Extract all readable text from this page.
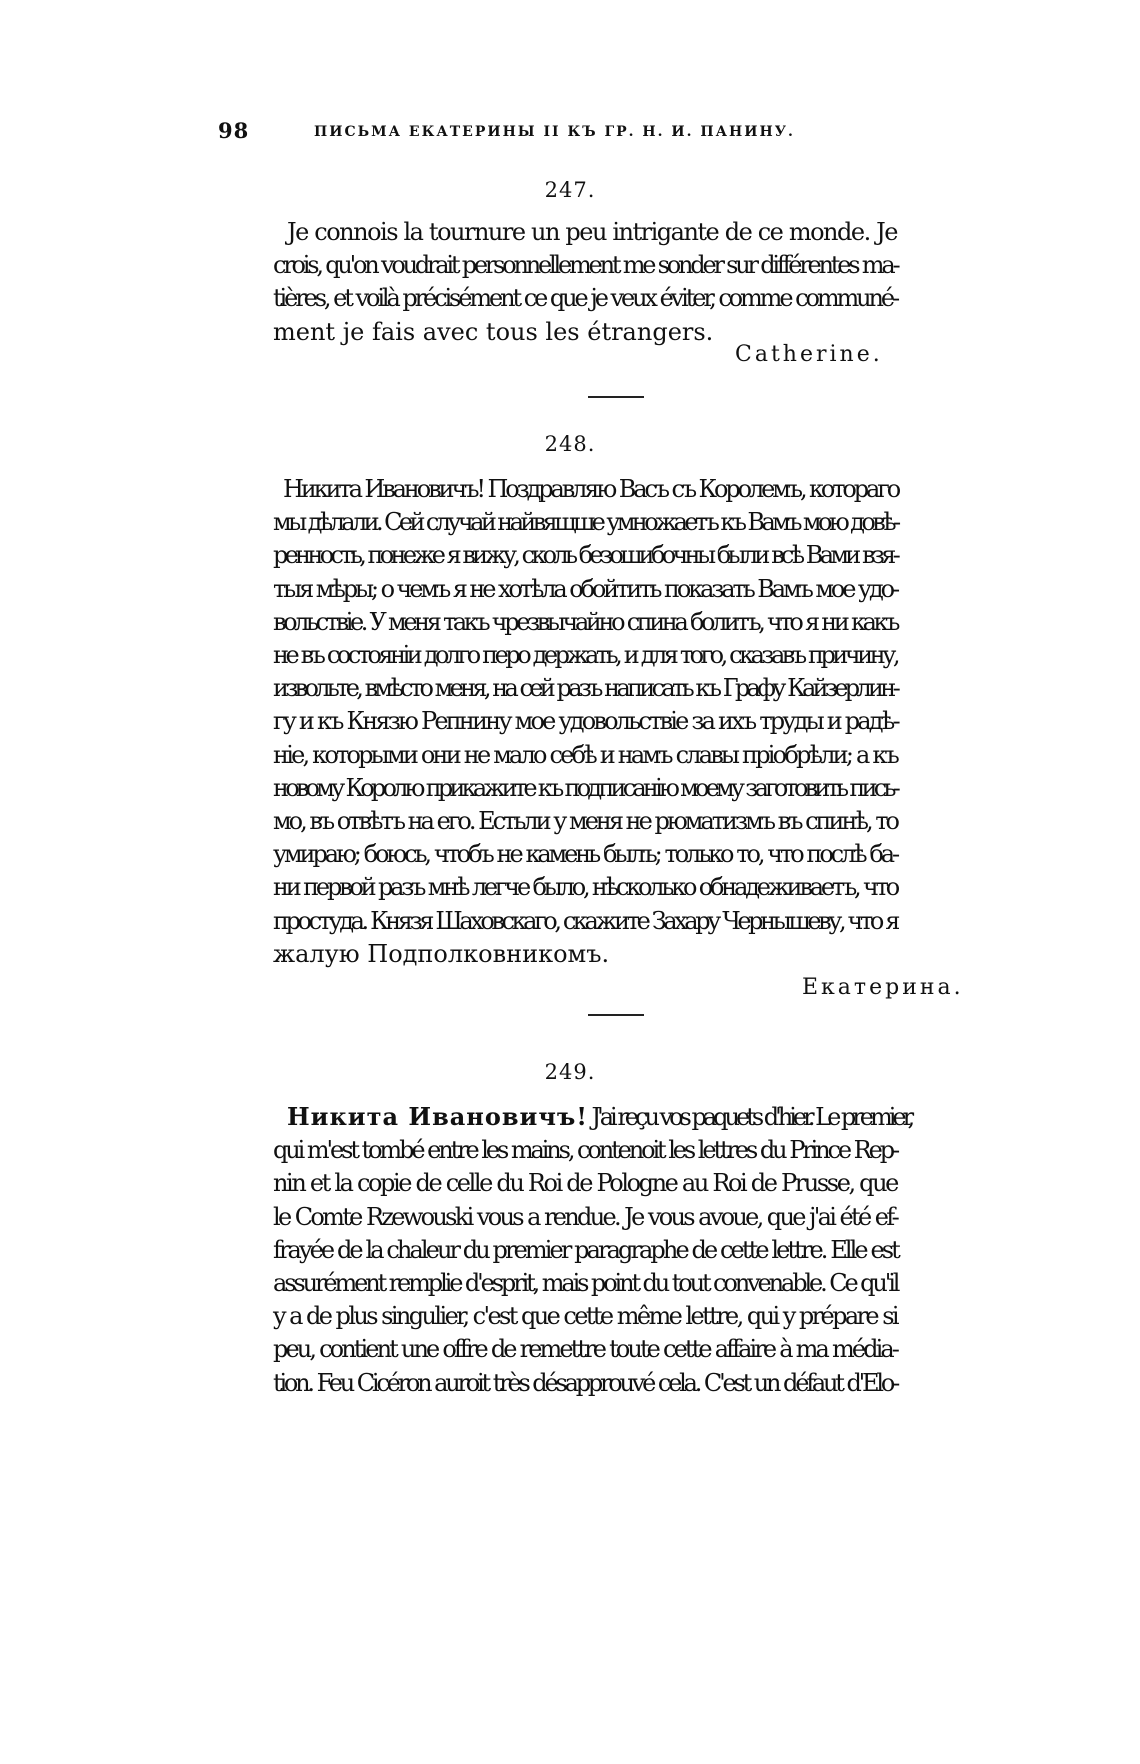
98	ПИСЬМА ЕКАТЕРИНЫ II КЪ ГР. Н. И. ПАНИНУ.
247.

Je connois la tournure un peu intrigante de ce monde. Je
crois, qu'on voudrait personnellement me sonder sur différentes ma-
tières, et voilà précisément ce que je veux éviter, comme communé-
ment je fais avec tous les étrangers.

Catherine.
248.

Никита Ивановичъ! Поздравляю Васъ съ Королемъ, котораго
мы дѣлали. Сей случай найвящше умножаетъ къ Вамъ мою довѣ-
ренность, понеже я вижу, сколь безошибочны были всѣ Вами взя-
тыя мѣры; о чемъ я не хотѣла обойтить показать Вамъ мое удо-
вольствіе. У меня такъ чрезвычайно спина болитъ, что я ни какъ
не въ состояніи долго перо держать, и для того, сказавъ причину,
извольте, вмѣсто меня, на сей разъ написать къ Графу Кайзерлин-
гу и къ Князю Репнину мое удовольствіе за ихъ труды и радѣ-
ніе, которыми они не мало себѣ и намъ славы пріобрѣли; а къ
новому Королю прикажите къ подписанію моему заготовить пись-
мо, въ отвѣтъ на его. Естьли у меня не рюматизмъ въ спинѣ, то
умираю; боюсь, чтобъ не камень былъ; только то, что послѣ ба-
ни первой разъ мнѣ легче было, нѣсколько обнадеживаетъ, что
простуда. Князя Шаховскаго, скажите Захару Чернышеву, что я
жалую Подполковникомъ.

Екатерина.
249.

Никита Ивановичъ! J'ai reçu vos paquets d'hier. Le premier,
qui m'est tombé entre les mains, contenoit les lettres du Prince Rep-
nin et la copie de celle du Roi de Pologne au Roi de Prusse, que
le Comte Rzewouski vous a rendue. Je vous avoue, que j'ai été ef-
frayée de la chaleur du premier paragraphe de cette lettre. Elle est
assurément remplie d'esprit, mais point du tout convenable. Ce qu'il
y a de plus singulier, c'est que cette même lettre, qui y prépare si
peu, contient une offre de remettre toute cette affaire à ma média-
tion. Feu Cicéron auroit très désapprouvé cela. C'est un défaut d'Elo-
